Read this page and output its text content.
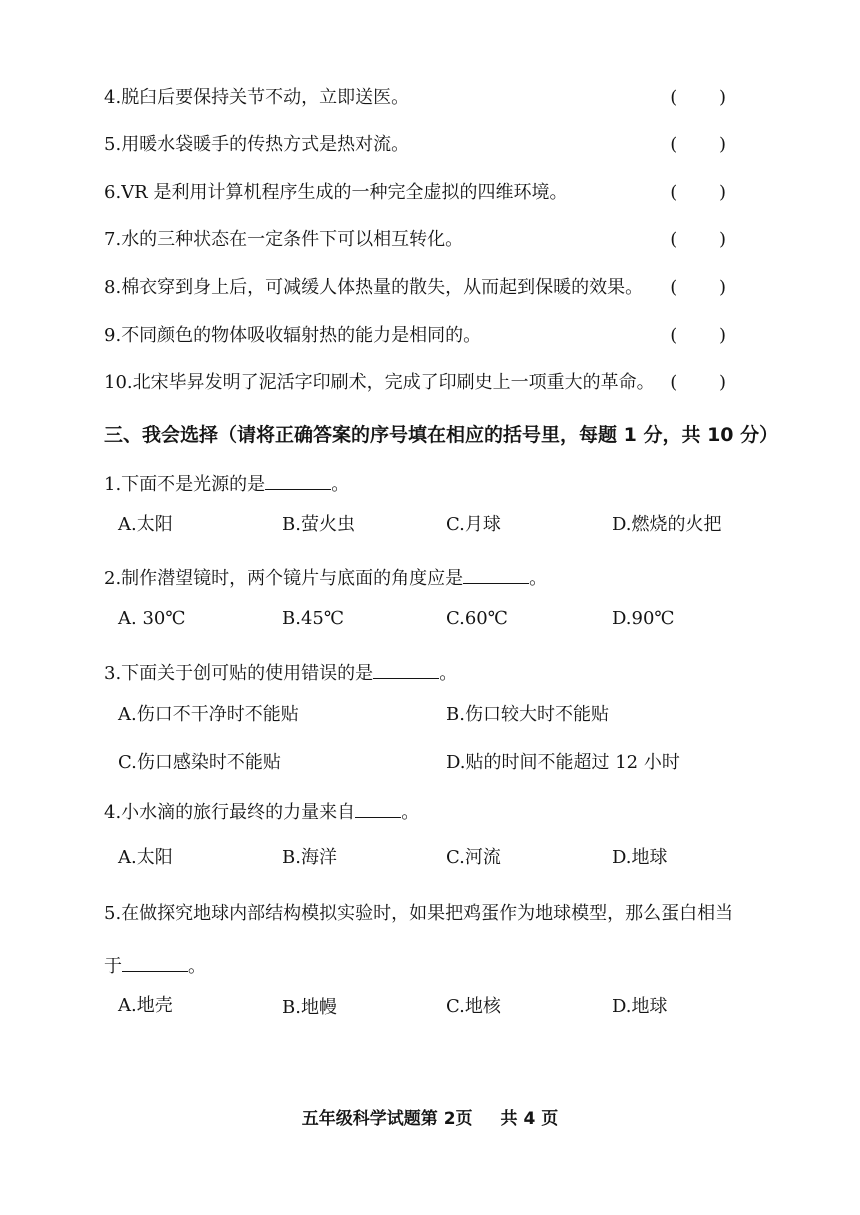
4.脱臼后要保持关节不动，立即送医。	( )
5.用暖水袋暖手的传热方式是热对流。	( )
6.VR 是利用计算机程序生成的一种完全虚拟的四维环境。	( )
7.水的三种状态在一定条件下可以相互转化。	( )
8.棉衣穿到身上后，可减缓人体热量的散失，从而起到保暖的效果。 ( )
9.不同颜色的物体吸收辐射热的能力是相同的。	( )
10.北宋毕昇发明了泥活字印刷术，完成了印刷史上一项重大的革命。 ( )
三、我会选择（请将正确答案的序号填在相应的括号里，每题 1 分，共 10 分）
1.下面不是光源的是	。
A.太阳	B.萤火虫	C.月球	D.燃烧的火把
2.制作潜望镜时，两个镜片与底面的角度应是	。
A. 30℃	B.45℃	C.60℃	D.90℃
3.下面关于创可贴的使用错误的是	。
A.伤口不干净时不能贴	B.伤口较大时不能贴
C.伤口感染时不能贴	D.贴的时间不能超过 12 小时
4.小水滴的旅行最终的力量来自	。
A.太阳	B.海洋	C.河流	D.地球
5.在做探究地球内部结构模拟实验时，如果把鸡蛋作为地球模型，那么蛋白相当
于	。
A.地壳	B.地幔	C.地核	D.地球
五年级科学试题第 2页 共 4 页
